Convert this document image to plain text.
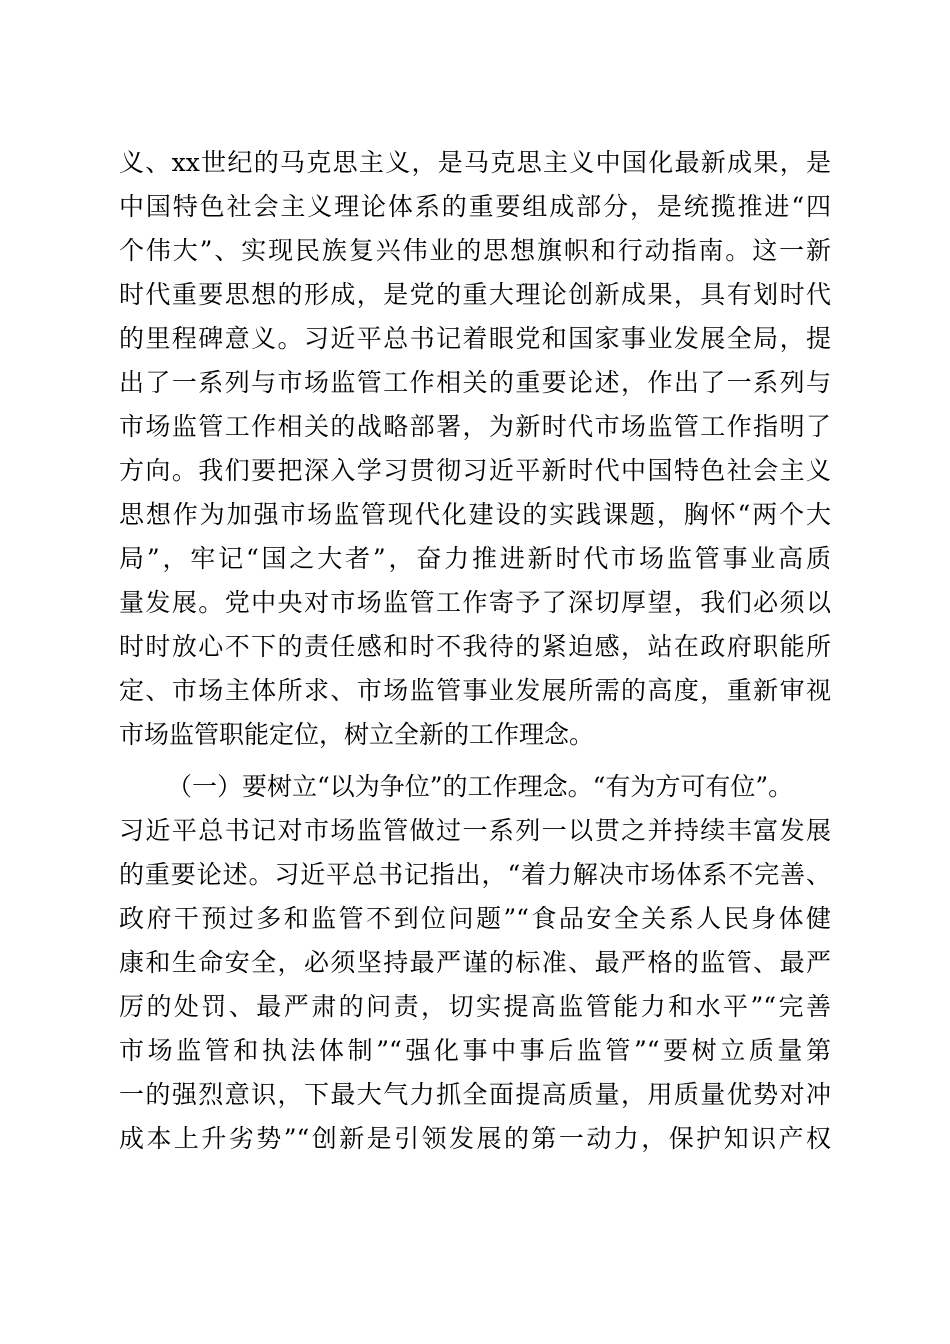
义、xx世纪的马克思主义，是马克思主义中国化最新成果，是
中国特色社会主义理论体系的重要组成部分，是统揽推进“四
个伟大”、实现民族复兴伟业的思想旗帜和行动指南。这一新
时代重要思想的形成，是党的重大理论创新成果，具有划时代
的里程碑意义。习近平总书记着眼党和国家事业发展全局，提
出了一系列与市场监管工作相关的重要论述，作出了一系列与
市场监管工作相关的战略部署，为新时代市场监管工作指明了
方向。我们要把深入学习贯彻习近平新时代中国特色社会主义
思想作为加强市场监管现代化建设的实践课题，胸怀“两个大
局”，牢记“国之大者”，奋力推进新时代市场监管事业高质
量发展。党中央对市场监管工作寄予了深切厚望，我们必须以
时时放心不下的责任感和时不我待的紧迫感，站在政府职能所
定、市场主体所求、市场监管事业发展所需的高度，重新审视
市场监管职能定位，树立全新的工作理念。
（一）要树立“以为争位”的工作理念。“有为方可有位”。
习近平总书记对市场监管做过一系列一以贯之并持续丰富发展
的重要论述。习近平总书记指出，“着力解决市场体系不完善、
政府干预过多和监管不到位问题”“食品安全关系人民身体健
康和生命安全，必须坚持最严谨的标准、最严格的监管、最严
厉的处罚、最严肃的问责，切实提高监管能力和水平”“完善
市场监管和执法体制”“强化事中事后监管”“要树立质量第
一的强烈意识，下最大气力抓全面提高质量，用质量优势对冲
成本上升劣势”“创新是引领发展的第一动力，保护知识产权
